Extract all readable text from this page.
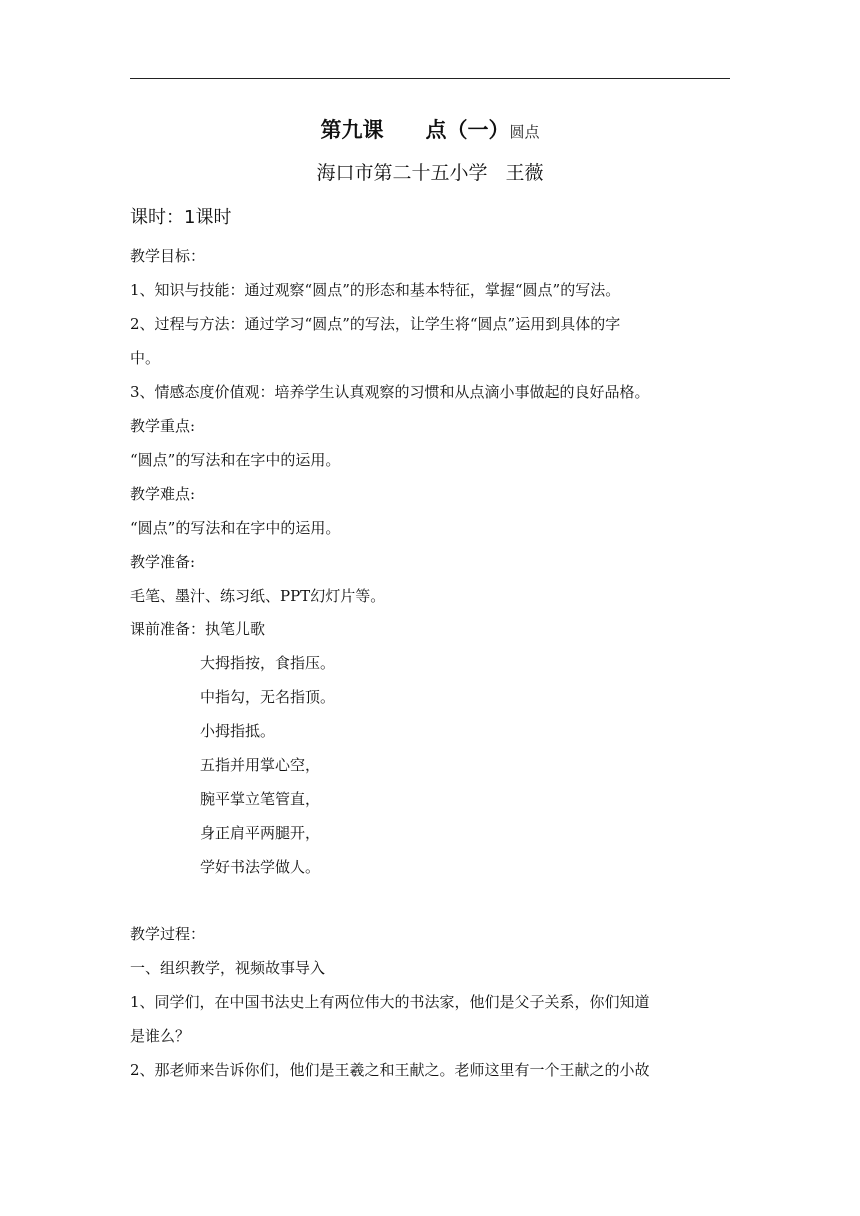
第九课　　点（一）圆点
海口市第二十五小学 王薇
课时：1课时
教学目标：
1、知识与技能：通过观察“圆点”的形态和基本特征，掌握“圆点”的写法。
2、过程与方法：通过学习“圆点”的写法，让学生将“圆点”运用到具体的字
中。
3、情感态度价值观：培养学生认真观察的习惯和从点滴小事做起的良好品格。
教学重点:
“圆点”的写法和在字中的运用。
教学难点:
“圆点”的写法和在字中的运用。
教学准备:
毛笔、墨汁、练习纸、PPT幻灯片等。
课前准备：执笔儿歌
大拇指按，食指压。
中指勾，无名指顶。
小拇指抵。
五指并用掌心空，
腕平掌立笔管直，
身正肩平两腿开，
学好书法学做人。
教学过程：
一、组织教学，视频故事导入
1、同学们，在中国书法史上有两位伟大的书法家，他们是父子关系，你们知道
是谁么？
2、那老师来告诉你们，他们是王羲之和王献之。老师这里有一个王献之的小故
